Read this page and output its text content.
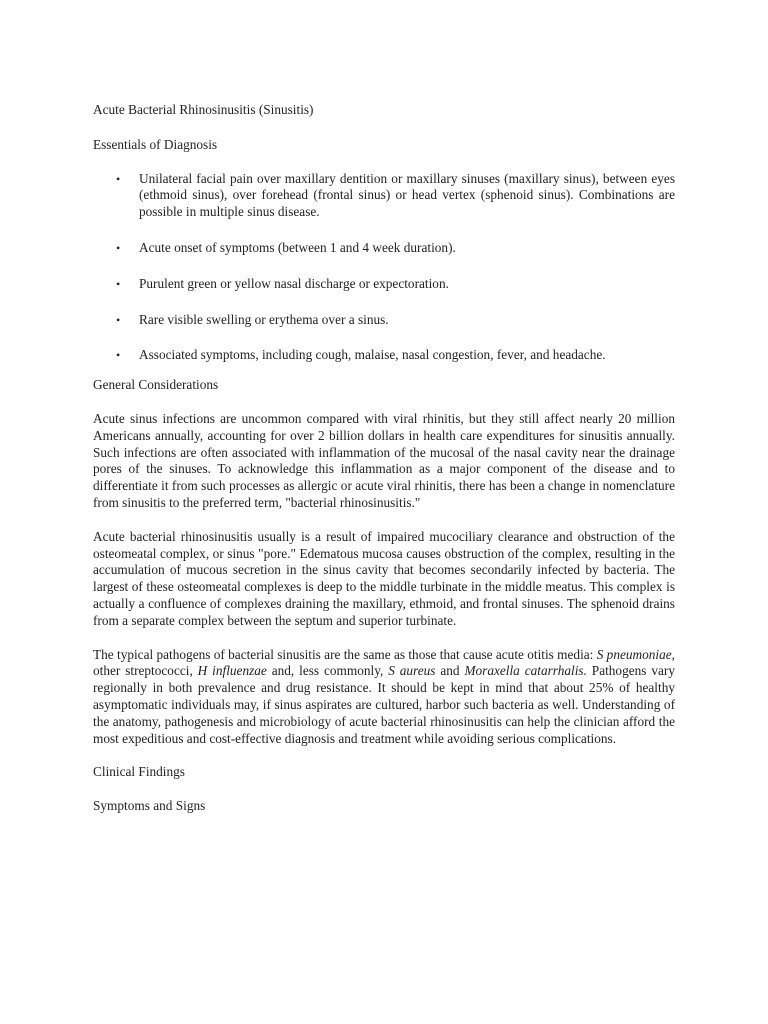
Acute Bacterial Rhinosinusitis (Sinusitis)
Essentials of Diagnosis
• Unilateral facial pain over maxillary dentition or maxillary sinuses (maxillary sinus), between eyes (ethmoid sinus), over forehead (frontal sinus) or head vertex (sphenoid sinus). Combinations are possible in multiple sinus disease.
• Acute onset of symptoms (between 1 and 4 week duration).
• Purulent green or yellow nasal discharge or expectoration.
• Rare visible swelling or erythema over a sinus.
• Associated symptoms, including cough, malaise, nasal congestion, fever, and headache.
General Considerations

Acute sinus infections are uncommon compared with viral rhinitis, but they still affect nearly 20 million Americans annually, accounting for over 2 billion dollars in health care expenditures for sinusitis annually. Such infections are often associated with inflammation of the mucosal of the nasal cavity near the drainage pores of the sinuses. To acknowledge this inflammation as a major component of the disease and to differentiate it from such processes as allergic or acute viral rhinitis, there has been a change in nomenclature from sinusitis to the preferred term, "bacterial rhinosinusitis."

Acute bacterial rhinosinusitis usually is a result of impaired mucociliary clearance and obstruction of the osteomeatal complex, or sinus "pore." Edematous mucosa causes obstruction of the complex, resulting in the accumulation of mucous secretion in the sinus cavity that becomes secondarily infected by bacteria. The largest of these osteomeatal complexes is deep to the middle turbinate in the middle meatus. This complex is actually a confluence of complexes draining the maxillary, ethmoid, and frontal sinuses. The sphenoid drains from a separate complex between the septum and superior turbinate.

The typical pathogens of bacterial sinusitis are the same as those that cause acute otitis media: S pneumoniae, other streptococci, H influenzae and, less commonly, S aureus and Moraxella catarrhalis. Pathogens vary regionally in both prevalence and drug resistance. It should be kept in mind that about 25% of healthy asymptomatic individuals may, if sinus aspirates are cultured, harbor such bacteria as well. Understanding of the anatomy, pathogenesis and microbiology of acute bacterial rhinosinusitis can help the clinician afford the most expeditious and cost-effective diagnosis and treatment while avoiding serious complications.

Clinical Findings
Symptoms and Signs
